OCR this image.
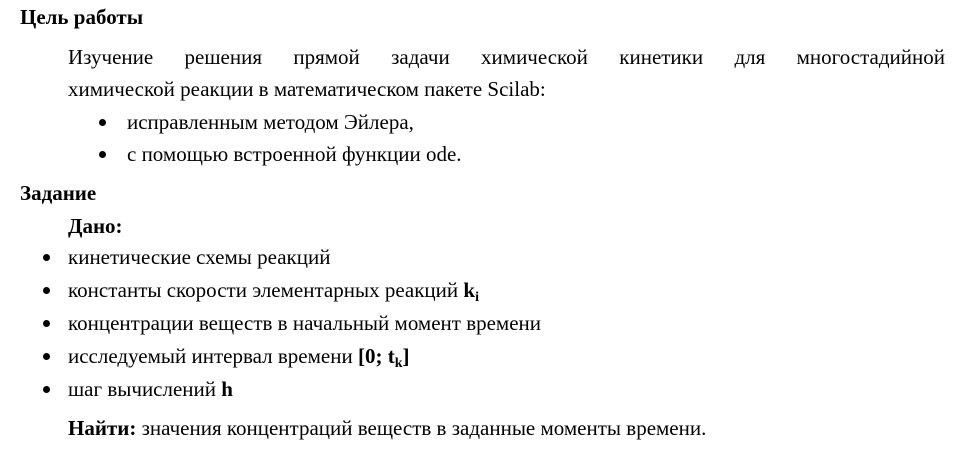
Цель работы
Изучение решения прямой задачи химической кинетики для многостадийной
химической реакции в математическом пакете Scilab:
исправленным методом Эйлера,
с помощью встроенной функции ode.
Задание
Дано:
кинетические схемы реакций
константы скорости элементарных реакций $k_i$
концентрации веществ в начальный момент времени
исследуемый интервал времени [0; $t_k$]
шаг вычислений h
Найти: значения концентраций веществ в заданные моменты времени.
